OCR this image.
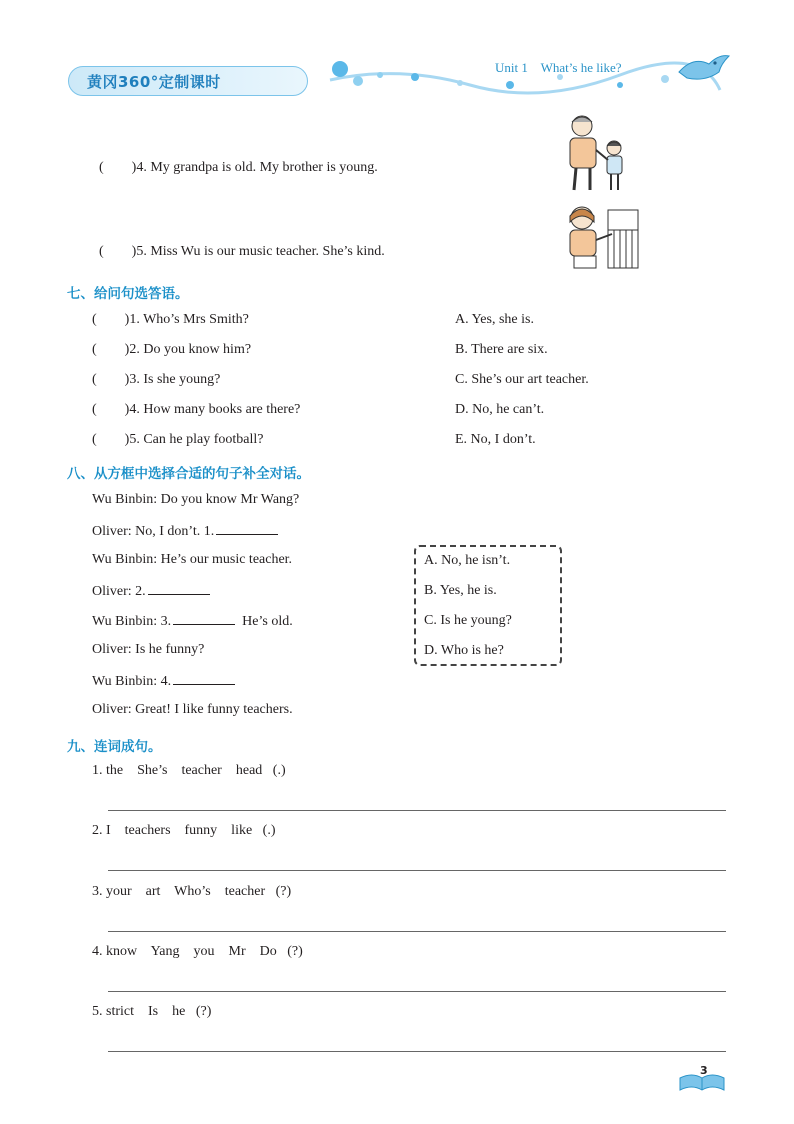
黄冈360°定制课时
Unit 1    What’s he like?

(        )4. My grandpa is old. My brother is young.

(        )5. Miss Wu is our music teacher. She’s kind.

七、给问句选答语。
(        )1. Who’s Mrs Smith?
(        )2. Do you know him?
(        )3. Is she young?
(        )4. How many books are there?
(        )5. Can he play football?
A. Yes, she is.
B. There are six.
C. She’s our art teacher.
D. No, he can’t.
E. No, I don’t.
八、从方框中选择合适的句子补全对话。
Wu Binbin: Do you know Mr Wang?
Oliver: No, I don’t. 1.
Wu Binbin: He’s our music teacher.
Oliver: 2.
Wu Binbin: 3.	He’s old.
Oliver: Is he funny?
Wu Binbin: 4.
Oliver: Great! I like funny teachers.
A. No, he isn’t.
B. Yes, he is.
C. Is he young?
D. Who is he?
九、连词成句。
1. the    She’s    teacher    head   (.)
2. I    teachers    funny    like   (.)
3. your    art    Who’s    teacher   (?)
4. know    Yang    you    Mr    Do   (?)
5. strict    Is    he   (?)
3
